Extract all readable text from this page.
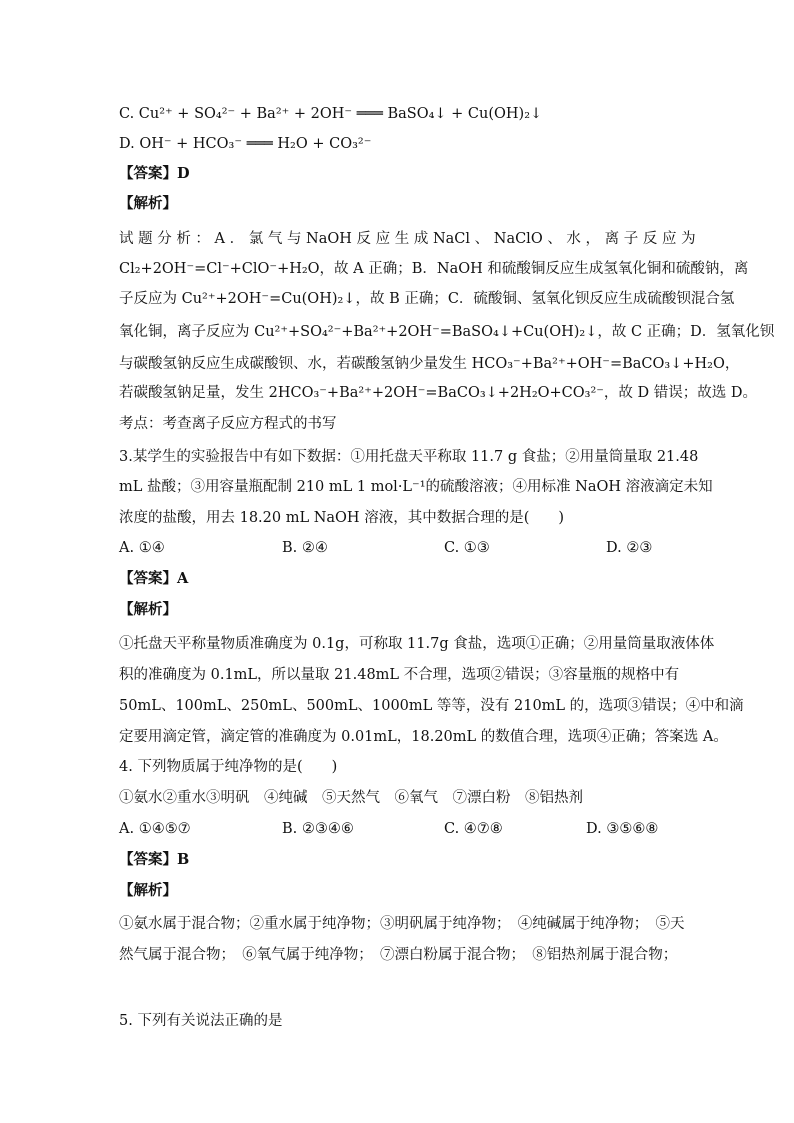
C. Cu²⁺ + SO₄²⁻ + Ba²⁺ + 2OH⁻ ═══ BaSO₄↓ + Cu(OH)₂↓
D. OH⁻ + HCO₃⁻ ═══ H₂O + CO₃²⁻
【答案】D
【解析】
试 题 分 析 ： A ． 氯 气 与 NaOH 反 应 生 成 NaCl 、 NaClO 、 水 ， 离 子 反 应 为
Cl₂+2OH⁻=Cl⁻+ClO⁻+H₂O，故 A 正确；B．NaOH 和硫酸铜反应生成氢氧化铜和硫酸钠，离
子反应为 Cu²⁺+2OH⁻=Cu(OH)₂↓，故 B 正确；C．硫酸铜、氢氧化钡反应生成硫酸钡混合氢
氧化铜，离子反应为 Cu²⁺+SO₄²⁻+Ba²⁺+2OH⁻=BaSO₄↓+Cu(OH)₂↓，故 C 正确；D．氢氧化钡
与碳酸氢钠反应生成碳酸钡、水，若碳酸氢钠少量发生 HCO₃⁻+Ba²⁺+OH⁻=BaCO₃↓+H₂O，
若碳酸氢钠足量，发生 2HCO₃⁻+Ba²⁺+2OH⁻=BaCO₃↓+2H₂O+CO₃²⁻，故 D 错误；故选 D。
考点：考查离子反应方程式的书写
3.某学生的实验报告中有如下数据：①用托盘天平称取 11.7 g 食盐；②用量筒量取 21.48
mL 盐酸；③用容量瓶配制 210 mL 1 mol·L⁻¹的硫酸溶液；④用标准 NaOH 溶液滴定未知
浓度的盐酸，用去 18.20 mL NaOH 溶液，其中数据合理的是(　　)
A. ①④	B. ②④	C. ①③	D. ②③
【答案】A
【解析】
①托盘天平称量物质准确度为 0.1g，可称取 11.7g 食盐，选项①正确；②用量筒量取液体体
积的准确度为 0.1mL，所以量取 21.48mL 不合理，选项②错误；③容量瓶的规格中有
50mL、100mL、250mL、500mL、1000mL 等等，没有 210mL 的，选项③错误；④中和滴
定要用滴定管，滴定管的准确度为 0.01mL，18.20mL 的数值合理，选项④正确；答案选 A。
4. 下列物质属于纯净物的是(　　)
①氨水②重水③明矾　④纯碱　⑤天然气　⑥氧气　⑦漂白粉　⑧铝热剂
A. ①④⑤⑦	B. ②③④⑥	C. ④⑦⑧	D. ③⑤⑥⑧
【答案】B
【解析】
①氨水属于混合物；②重水属于纯净物；③明矾属于纯净物；　④纯碱属于纯净物；　⑤天
然气属于混合物；　⑥氧气属于纯净物；　⑦漂白粉属于混合物；　⑧铝热剂属于混合物；
5. 下列有关说法正确的是
